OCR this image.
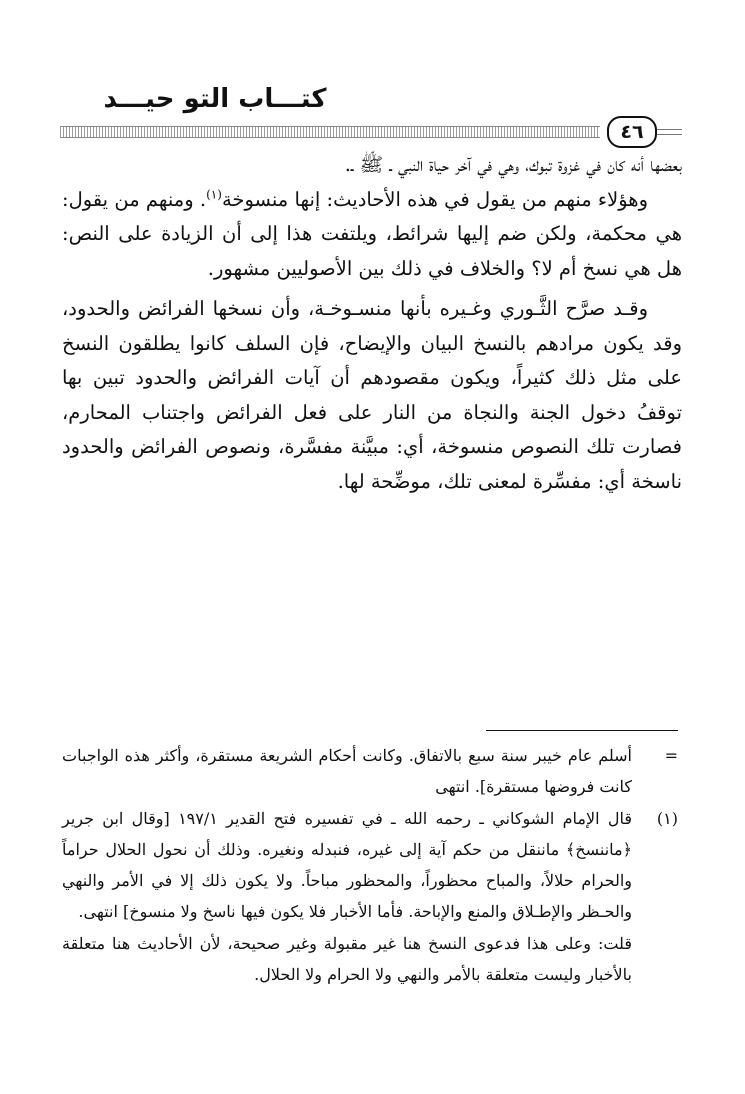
كتـــاب التو حيـــد
٤٦

بعضها أنه كان في غزوة تبوك، وهي في آخر حياة النبي ـ ﷺ ـ.

وهؤلاء منهم من يقول في هذه الأحاديث: إنها منسوخة$^{(١)}$. ومنهم من يقول: هي محكمة، ولكن ضم إليها شرائط، ويلتفت هذا إلى أن الزيادة على النص: هل هي نسخ أم لا؟ والخلاف في ذلك بين الأصوليين مشهور.

وقـد صرَّح الثَّـوري وغـيره بأنها منسـوخـة، وأن نسخها الفرائض والحدود، وقد يكون مرادهم بالنسخ البيان والإيضاح، فإن السلف كانوا يطلقون النسخ على مثل ذلك كثيراً، ويكون مقصودهم أن آيات الفرائض والحدود تبين بها توقفُ دخول الجنة والنجاة من النار على فعل الفرائض واجتناب المحارم، فصارت تلك النصوص منسوخة، أي: مبيَّنة مفسَّرة، ونصوص الفرائض والحدود ناسخة أي: مفسِّرة لمعنى تلك، موضِّحة لها.

=
أسلم عام خيبر سنة سبع بالاتفاق. وكانت أحكام الشريعة مستقرة، وأكثر هذه الواجبات كانت فروضها مستقرة]. انتهى
(١)
قال الإمام الشوكاني ـ رحمه الله ـ في تفسيره فتح القدير ١٩٧/١ [وقال ابن جرير ﴿ماننسخ﴾ ماننقل من حكم آية إلى غيره، فنبدله ونغيره. وذلك أن نحول الحلال حراماً والحرام حلالاً، والمباح محظوراً، والمحظور مباحاً. ولا يكون ذلك إلا في الأمر والنهي والحـظر والإطـلاق والمنع والإباحة. فأما الأخبار فلا يكون فيها ناسخ ولا منسوخ] انتهى.

قلت: وعلى هذا فدعوى النسخ هنا غير مقبولة وغير صحيحة، لأن الأحاديث هنا متعلقة بالأخبار وليست متعلقة بالأمر والنهي ولا الحرام ولا الحلال.
